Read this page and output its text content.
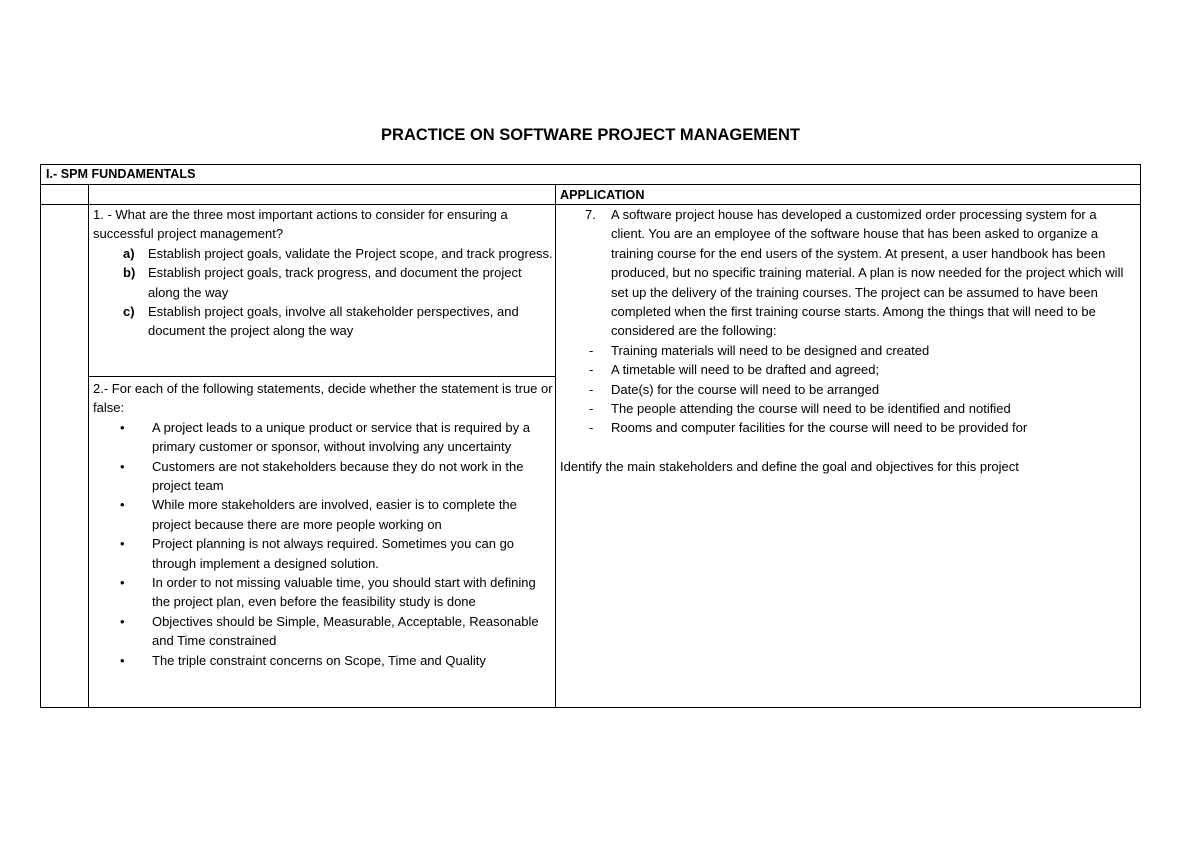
PRACTICE ON SOFTWARE PROJECT MANAGEMENT
I.- SPM FUNDAMENTALS
APPLICATION

1. - What are the three most important actions to consider for ensuring a successful project management?

a) Establish project goals, validate the Project scope, and track progress.
b) Establish project goals, track progress, and document the project along the way
c) Establish project goals, involve all stakeholder perspectives, and document the project along the way

2.- For each of the following statements, decide whether the statement is true or false:

• A project leads to a unique product or service that is required by a primary customer or sponsor, without involving any uncertainty
• Customers are not stakeholders because they do not work in the project team
• While more stakeholders are involved, easier is to complete the project because there are more people working on
• Project planning is not always required. Sometimes you can go through implement a designed solution.
• In order to not missing valuable time, you should start with defining the project plan, even before the feasibility study is done
• Objectives should be Simple, Measurable, Acceptable, Reasonable and Time constrained
• The triple constraint concerns on Scope, Time and Quality
7. A software project house has developed a customized order processing system for a client. You are an employee of the software house that has been asked to organize a training course for the end users of the system. At present, a user handbook has been produced, but no specific training material. A plan is now needed for the project which will set up the delivery of the training courses. The project can be assumed to have been completed when the first training course starts. Among the things that will need to be considered are the following:
- Training materials will need to be designed and created
- A timetable will need to be drafted and agreed;
- Date(s) for the course will need to be arranged
- The people attending the course will need to be identified and notified
- Rooms and computer facilities for the course will need to be provided for

Identify the main stakeholders and define the goal and objectives for this project
